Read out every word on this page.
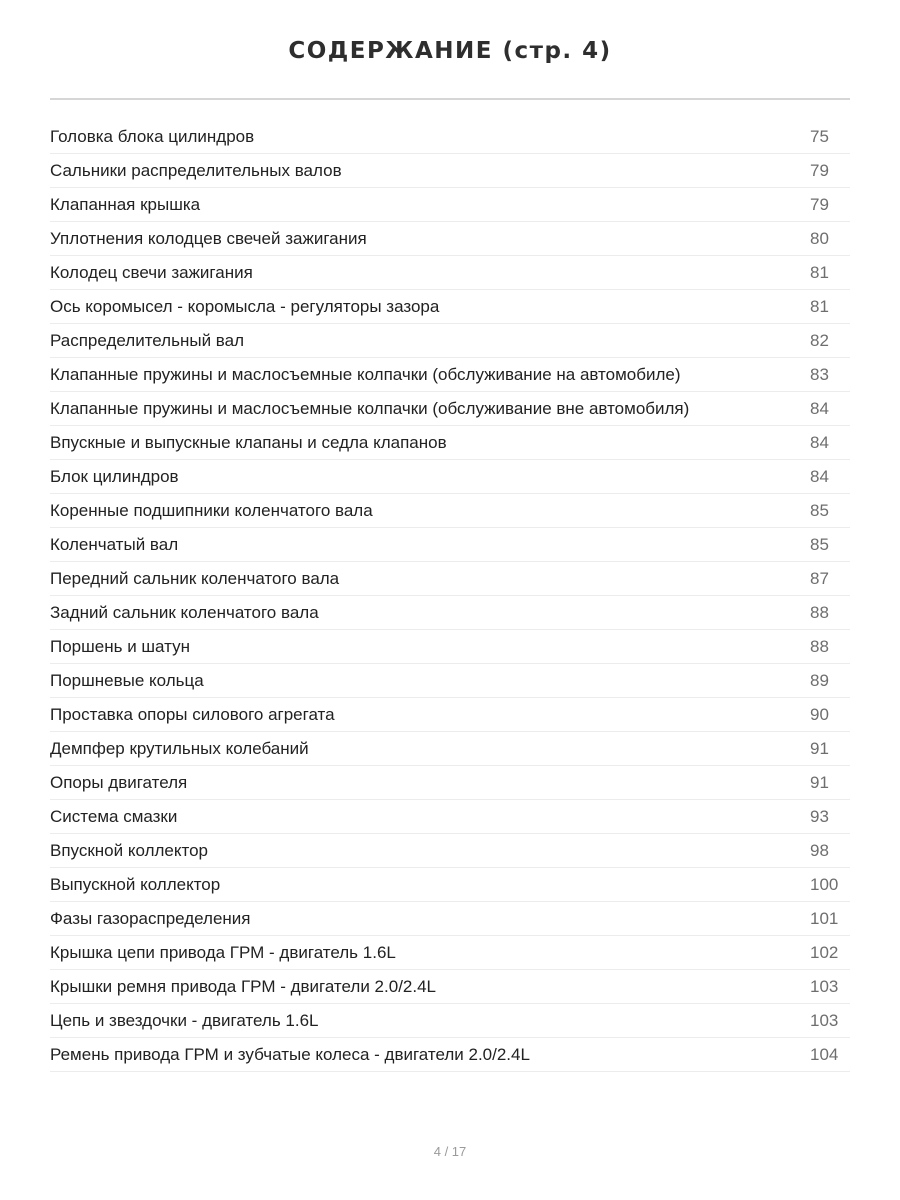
СОДЕРЖАНИЕ (стр. 4)
Головка блока цилиндров	75
Сальники распределительных валов	79
Клапанная крышка	79
Уплотнения колодцев свечей зажигания	80
Колодец свечи зажигания	81
Ось коромысел - коромысла - регуляторы зазора	81
Распределительный вал	82
Клапанные пружины и маслосъемные колпачки (обслуживание на автомобиле)	83
Клапанные пружины и маслосъемные колпачки (обслуживание вне автомобиля)	84
Впускные и выпускные клапаны и седла клапанов	84
Блок цилиндров	84
Коренные подшипники коленчатого вала	85
Коленчатый вал	85
Передний сальник коленчатого вала	87
Задний сальник коленчатого вала	88
Поршень и шатун	88
Поршневые кольца	89
Проставка опоры силового агрегата	90
Демпфер крутильных колебаний	91
Опоры двигателя	91
Система смазки	93
Впускной коллектор	98
Выпускной коллектор	100
Фазы газораспределения	101
Крышка цепи привода ГРМ - двигатель 1.6L	102
Крышки ремня привода ГРМ - двигатели 2.0/2.4L	103
Цепь и звездочки - двигатель 1.6L	103
Ремень привода ГРМ и зубчатые колеса - двигатели 2.0/2.4L	104
4 / 17
